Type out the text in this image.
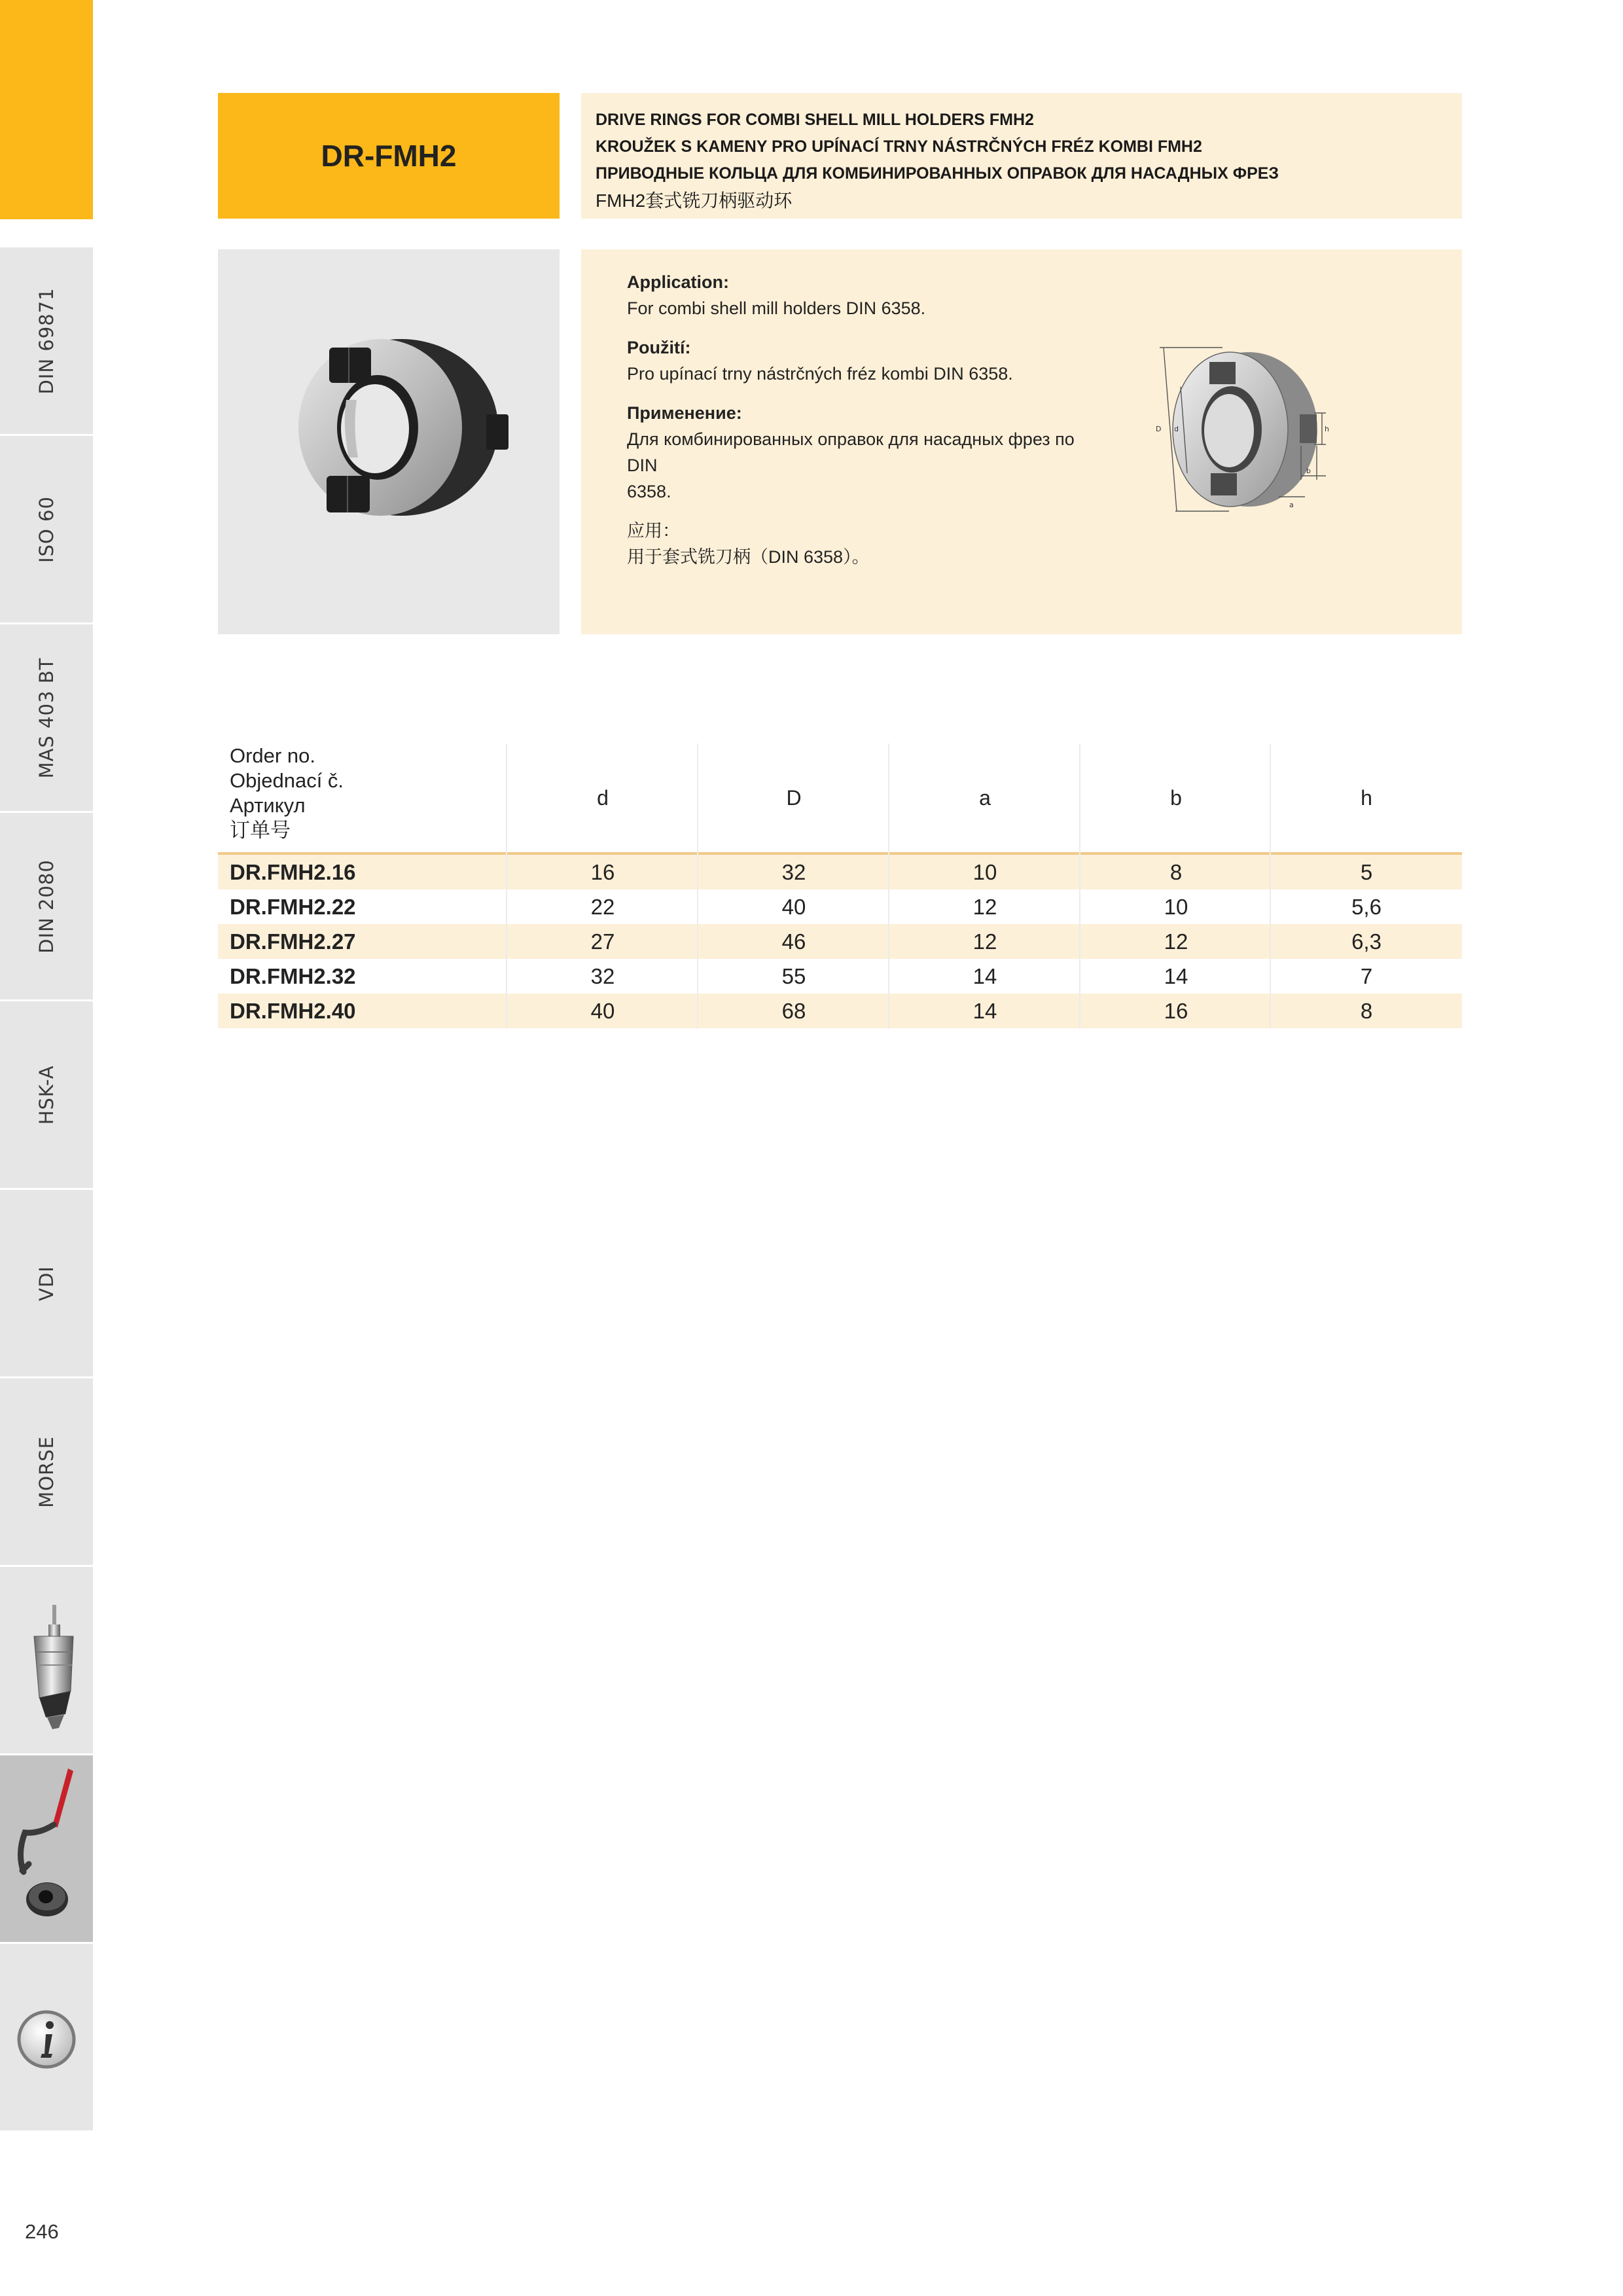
DIN 69871
ISO 60
MAS 403 BT
DIN 2080
HSK-A
VDI
MORSE
246
DR-FMH2
DRIVE RINGS FOR COMBI SHELL MILL HOLDERS FMH2
KROUŽEK S KAMENY PRO UPÍNACÍ TRNY NÁSTRČNÝCH FRÉZ KOMBI FMH2
ПРИВОДНЫЕ КОЛЬЦА ДЛЯ КОМБИНИРОВАННЫХ ОПРАВОК ДЛЯ НАСАДНЫХ ФРЕЗ
FMH2套式铣刀柄驱动环
Application:
For combi shell mill holders DIN 6358.
Použití:
Pro upínací trny nástrčných fréz kombi DIN 6358.
Применение:
Для комбинированных оправок для насадных фрез по DIN
6358.
应用：
用于套式铣刀柄（DIN 6358）。
D d	h
b
a
Order no.
Objednací č.
Артикул
订单号
d	D	a	b	h
DR.FMH2.16	16	32	10	8	5
DR.FMH2.22	22	40	12	10	5,6
DR.FMH2.27	27	46	12	12	6,3
DR.FMH2.32	32	55	14	14	7
DR.FMH2.40	40	68	14	16	8
